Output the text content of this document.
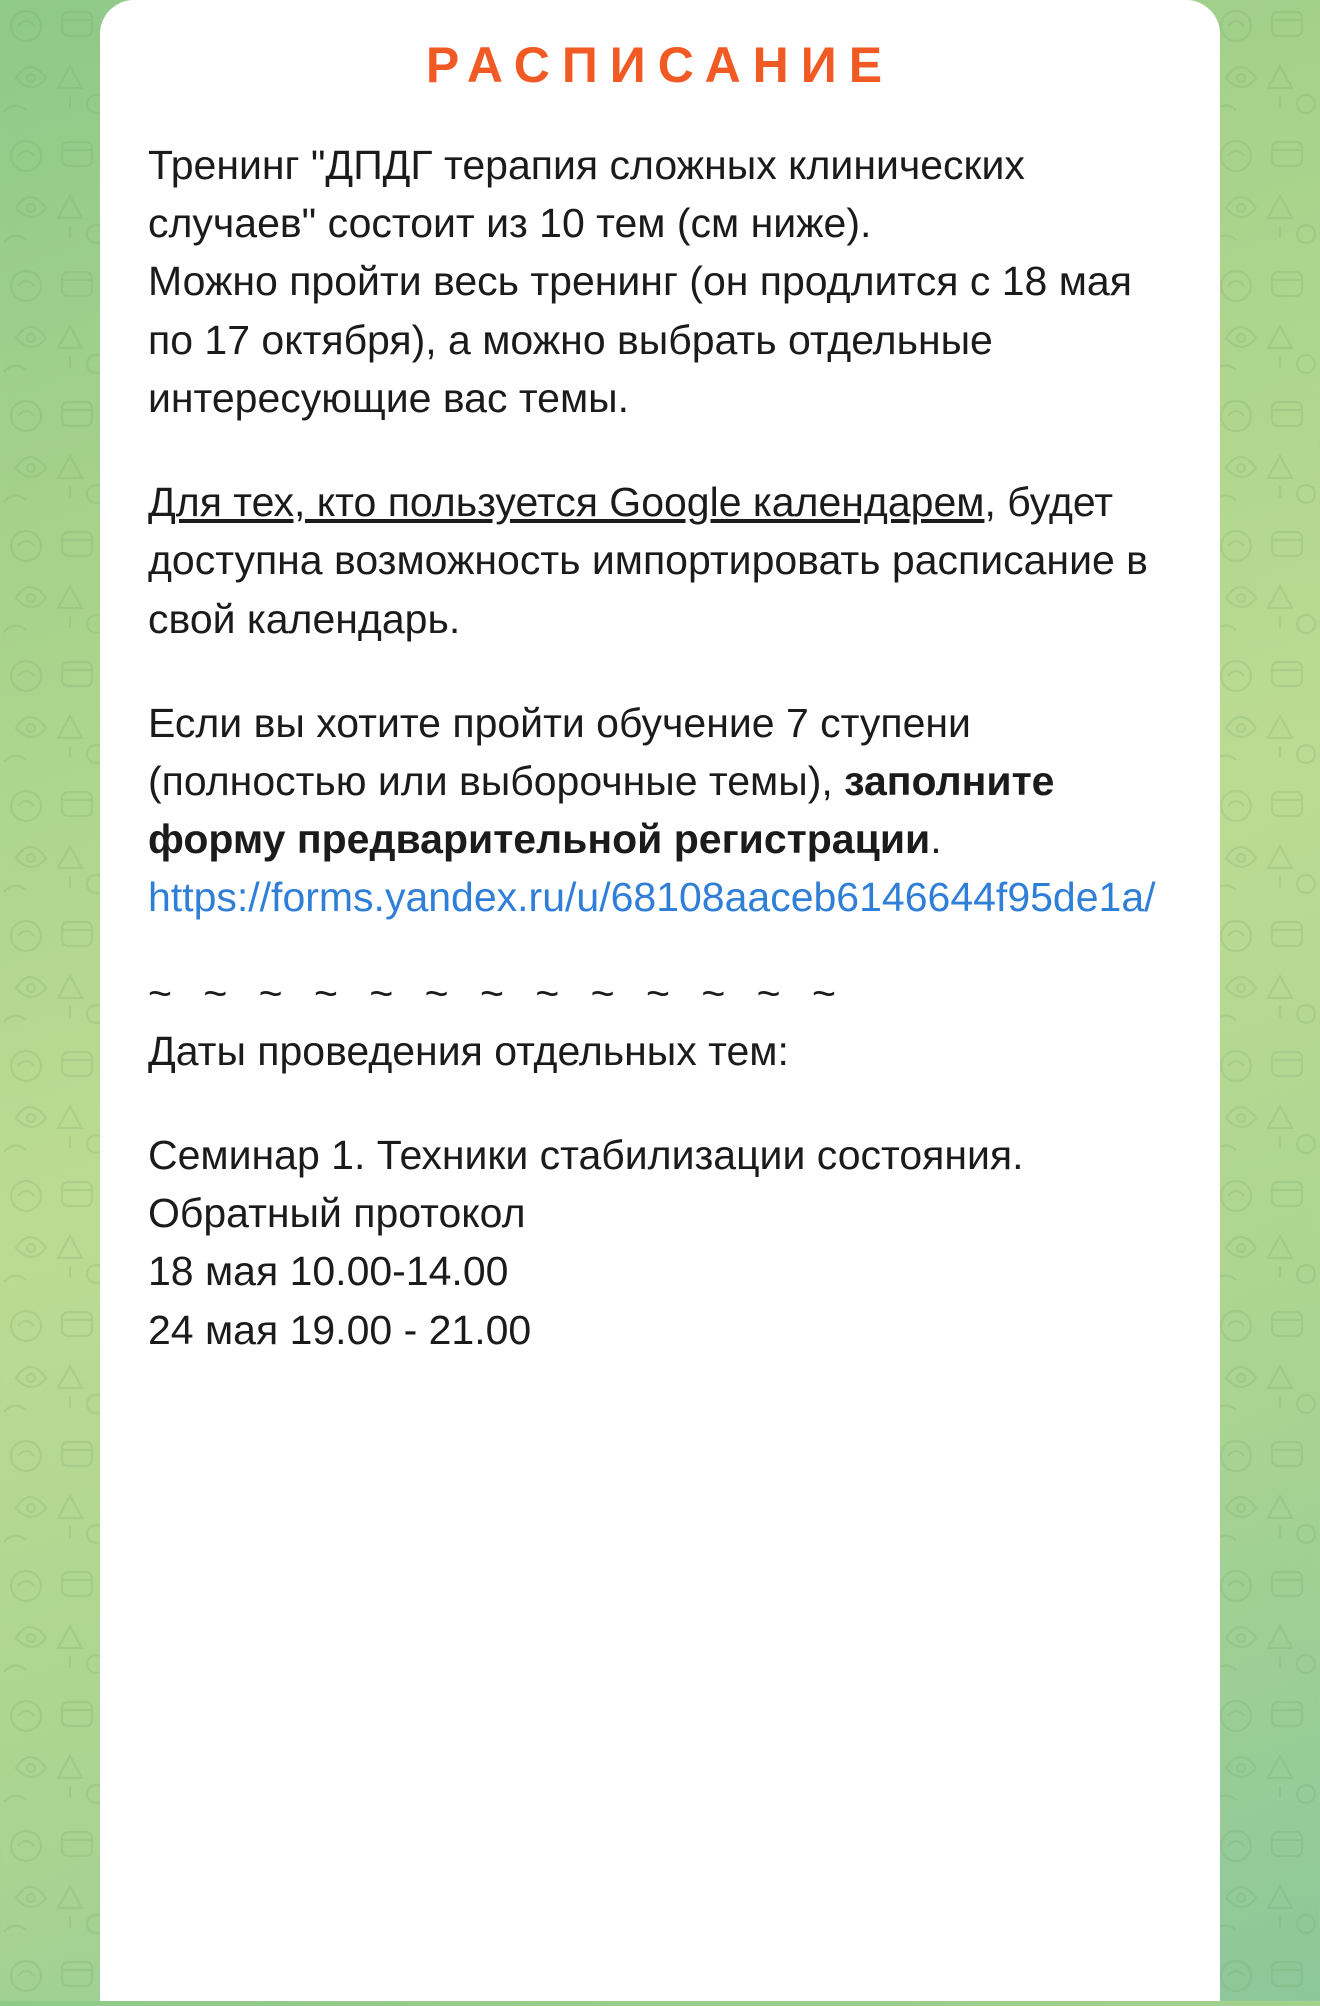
РАСПИСАНИЕ

Тренинг "ДПДГ терапия сложных клинических случаев" состоит из 10 тем (см ниже).

Можно пройти весь тренинг (он продлится с 18 мая по 17 октября), а можно выбрать отдельные интересующие вас темы.

Для тех, кто пользуется Google календарем, будет доступна возможность импортировать расписание в свой календарь.

Если вы хотите пройти обучение 7 ступени (полностью или выборочные темы), заполните форму предварительной регистрации.

https://forms.yandex.ru/u/68108aaceb6146644f95de1a/

~ ~ ~ ~ ~ ~ ~ ~ ~ ~ ~ ~ ~

Даты проведения отдельных тем:

Семинар 1. Техники стабилизации состояния. Обратный протокол

18 мая 10.00-14.00

24 мая 19.00 - 21.00
